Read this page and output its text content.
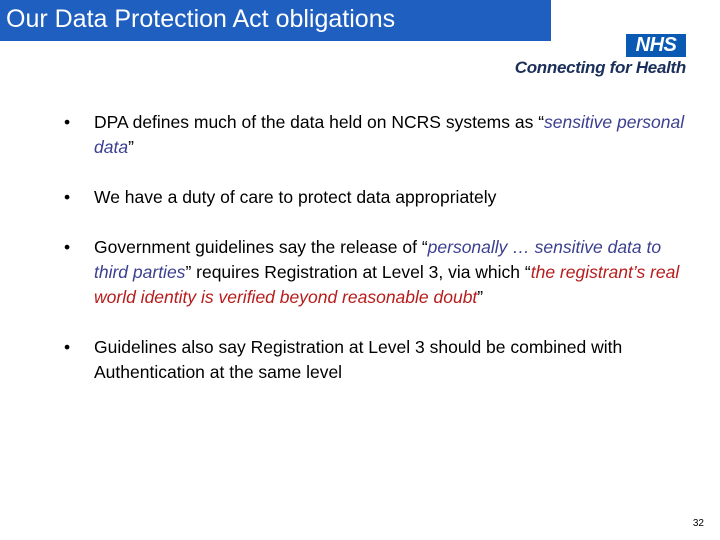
Our Data Protection Act obligations
NHS
Connecting for Health
• DPA defines much of the data held on NCRS systems as “sensitive personal data”
• We have a duty of care to protect data appropriately
• Government guidelines say the release of “personally … sensitive data to third parties” requires Registration at Level 3, via which “the registrant’s real world identity is verified beyond reasonable doubt”
• Guidelines also say Registration at Level 3 should be combined with Authentication at the same level
32
